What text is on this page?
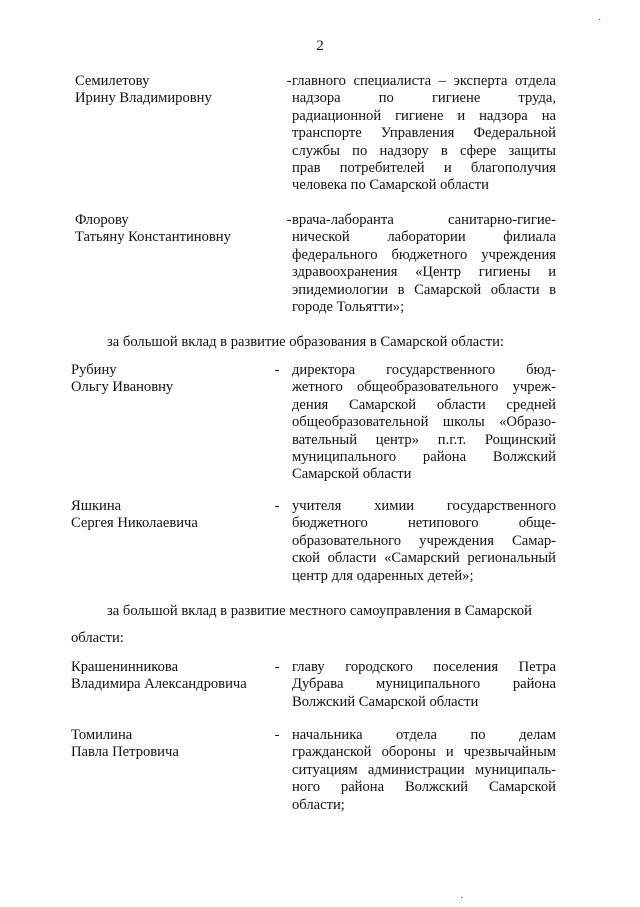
2
Семилетову
Ирину Владимировну
- главного специалиста – эксперта отдела
надзора по гигиене труда,
радиационной гигиене и надзора на
транспорте Управления Федеральной
службы по надзору в сфере защиты
прав потребителей и благополучия
человека по Самарской области
Флорову
Татьяну Константиновну
- врача-лаборанта санитарно-гигие-
нической лаборатории филиала
федерального бюджетного учреждения
здравоохранения «Центр гигиены и
эпидемиологии в Самарской области в
городе Тольятти»;
за большой вклад в развитие образования в Самарской области:
Рубину
Ольгу Ивановну
- директора государственного бюд-
жетного общеобразовательного учреж-
дения Самарской области средней
общеобразовательной школы «Образо-
вательный центр» п.г.т. Рощинский
муниципального района Волжский
Самарской области
Яшкина
Сергея Николаевича
- учителя химии государственного
бюджетного нетипового обще-
образовательного учреждения Самар-
ской области «Самарский региональный
центр для одаренных детей»;
за большой вклад в развитие местного самоуправления в Самарской
области:
Крашенинникова
Владимира Александровича
- главу городского поселения Петра
Дубрава муниципального района
Волжский Самарской области
Томилина
Павла Петровича
- начальника отдела по делам
гражданской обороны и чрезвычайным
ситуациям администрации муниципаль-
ного района Волжский Самарской
области;
·
·
